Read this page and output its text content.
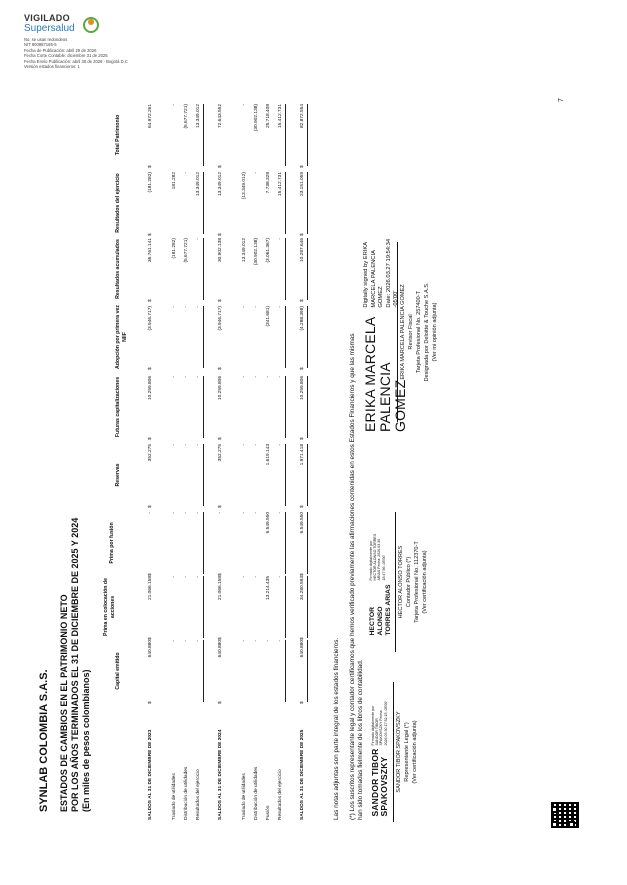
VIGILADO
Supersalud
No. se usan redondeos
NIT 800887165-5
Fecha de Publicación: abril 29 de 2026
Fecha Corte Contable: diciembre 31 de 2025
Fecha Envío Publicación: abril 30 de 2026 - Bogotá D.C
Versión estados financieros: 1
SYNLAB COLOMBIA S.A.S. ESTADOS DE CAMBIOS EN EL PATRIMONIO NETO POR LOS AÑOS TERMINADOS EL 31 DE DICIEMBRE DE 2025 Y 2024 (En miles de pesos colombianos)	Capital emitido
Prima en colocación de acciones
Prima por fusión
Reservas
Futuras capitalizaciones
Adopción por primera vez NIIF
Resultados acumulados
Resultados del ejercicio
Total Patrimonio
SALDOS AL 31 DE DICIEMBRE DE 2023
$
640.880
$
21.066.158
$
-
$
352.275
$
10.259.806
$
(3.946.717)
$
36.761.141
$
(181.282)
$
64.972.261
Traslado de utilidades
-
-
-
-
-
-
(181.282)
181.282
-
Distribución de utilidades
-
-
-
-
-
-
(5.677.721)
-
(5.677.721)
Resultados del ejercicio
-
-
-
-
-
-
-
13.349.012
13.349.012
SALDOS AL 31 DE DICIEMBRE DE 2024
$
640.880
$
21.066.158
$
-
$
352.275
$
10.259.806
$
(3.946.717)
$
30.902.138
$
13.349.012
$
72.643.552
Traslado de utilidades
-
-
-
-
-
-
13.349.012
(13.349.012)
-
Distribución de utilidades
-
-
-
-
-
-
(30.902.138)
-
(30.902.138)
Fusión
-
13.214.435
6.549.550
1.619.143
-
(341.681)
(3.061.367)
7.738.328
25.718.408
Resultados del ejercicio
-
-
-
-
-
-
-
15.412.731
15.412.731
SALDOS AL 31 DE DICIEMBRE DE 2025
$
640.880
$
34.280.593
$
6.549.550
$
1.971.418
$
10.259.806
$
(4.288.398)
$
10.287.646
$
23.151.059
$
82.872.554
Las notas adjuntas son parte integral de los estados financieros. (*) Los suscritos representante legal y contador certificamos que hemos verificado previamente las afirmaciones contenidas en estos Estados Financieros y que las mismas han sido tomadas fielmente de los libros de contabilidad. SANDOR TIBOR SPAKOVSZKY
Firmado digitalmente por SANDOR TIBOR SPAKOVSZKY Fecha: 2026.03.30 17:52:15 -05'00' SANDOR TIBOR SPAKOVSZKY Representante Legal (*) (Ver certificación adjunta)
HECTOR ALONSO TORRES ARIAS
Firmado digitalmente por HECTOR ALONSO TORRES ARIAS Fecha: 2026.03.30 18:47:56 -05'00' HECTOR ALONSO TORRES Contador Público (*) Tarjeta Profesional No. 112370-T (Ver certificación adjunta)
ERIKA MARCELA PALENCIA GOMEZ
Digitally signed by ERIKA MARCELA PALENCIA GOMEZ Date: 2026.03.27 19:54:34 -05'00' ERIKA MARCELA PALENCIA GOMEZ Revisor Fiscal Tarjeta Profesional No. 257400-T Designada por Deloitte & Touche S.A.S. (Ver mi opinión adjunta)
7
